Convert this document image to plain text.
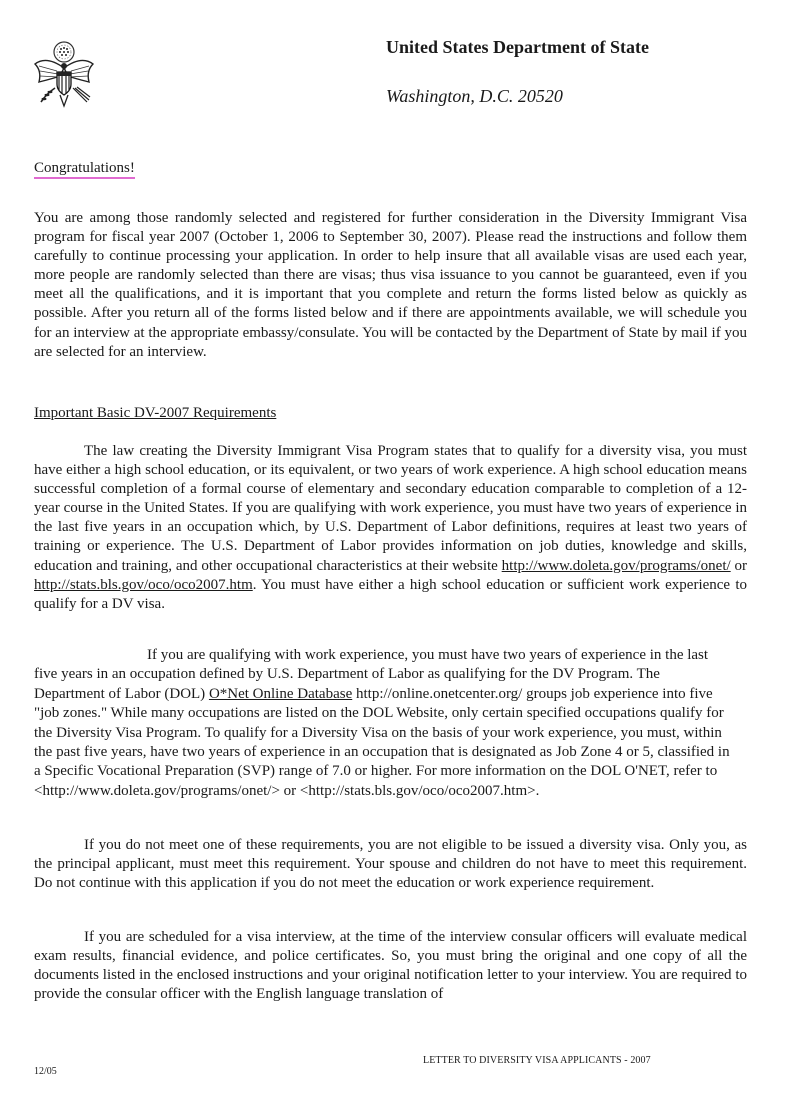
United States Department of State
Washington, D.C. 20520
Congratulations!

You are among those randomly selected and registered for further consideration in the Diversity Immigrant Visa program for fiscal year 2007 (October 1, 2006 to September 30, 2007). Please read the instructions and follow them carefully to continue processing your application. In order to help insure that all available visas are used each year, more people are randomly selected than there are visas; thus visa issuance to you cannot be guaranteed, even if you meet all the qualifications, and it is important that you complete and return the forms listed below as quickly as possible. After you return all of the forms listed below and if there are appointments available, we will schedule you for an interview at the appropriate embassy/consulate. You will be contacted by the Department of State by mail if you are selected for an interview.

Important Basic DV-2007 Requirements

The law creating the Diversity Immigrant Visa Program states that to qualify for a diversity visa, you must have either a high school education, or its equivalent, or two years of work experience. A high school education means successful completion of a formal course of elementary and secondary education comparable to completion of a 12-year course in the United States. If you are qualifying with work experience, you must have two years of experience in the last five years in an occupation which, by U.S. Department of Labor definitions, requires at least two years of training or experience. The U.S. Department of Labor provides information on job duties, knowledge and skills, education and training, and other occupational characteristics at their website http://www.doleta.gov/programs/onet/ or http://stats.bls.gov/oco/oco2007.htm. You must have either a high school education or sufficient work experience to qualify for a DV visa.

If you are qualifying with work experience, you must have two years of experience in the last five years in an occupation defined by U.S. Department of Labor as qualifying for the DV Program. The Department of Labor (DOL) O*Net Online Database http://online.onetcenter.org/ groups job experience into five "job zones." While many occupations are listed on the DOL Website, only certain specified occupations qualify for the Diversity Visa Program. To qualify for a Diversity Visa on the basis of your work experience, you must, within the past five years, have two years of experience in an occupation that is designated as Job Zone 4 or 5, classified in a Specific Vocational Preparation (SVP) range of 7.0 or higher. For more information on the DOL O'NET, refer to <http://www.doleta.gov/programs/onet/> or <http://stats.bls.gov/oco/oco2007.htm>.

If you do not meet one of these requirements, you are not eligible to be issued a diversity visa. Only you, as the principal applicant, must meet this requirement. Your spouse and children do not have to meet this requirement. Do not continue with this application if you do not meet the education or work experience requirement.

If you are scheduled for a visa interview, at the time of the interview consular officers will evaluate medical exam results, financial evidence, and police certificates. So, you must bring the original and one copy of all the documents listed in the enclosed instructions and your original notification letter to your interview. You are required to provide the consular officer with the English language translation of

12/05
LETTER TO DIVERSITY VISA APPLICANTS - 2007
